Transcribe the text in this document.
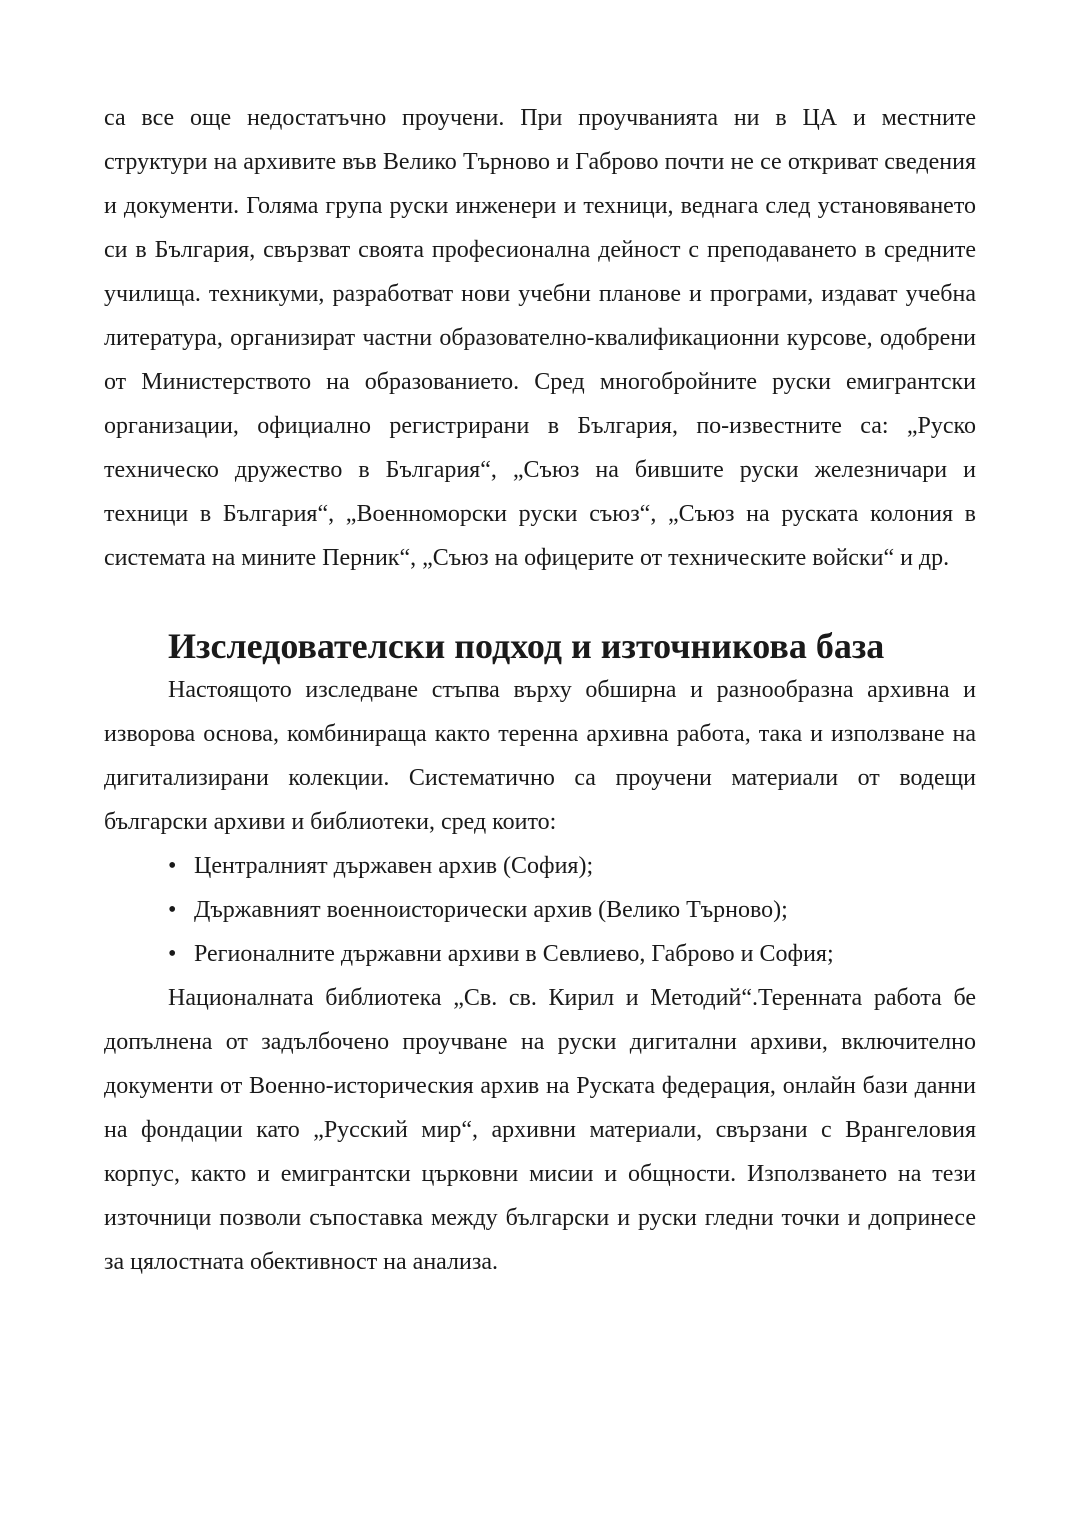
са все още недостатъчно проучени. При проучванията ни в ЦА и местните структури на архивите във Велико Търново и Габрово почти не се откриват сведения и документи. Голяма група руски инженери и техници, веднага след установяването си в България, свързват своята професионална дейност с преподаването в средните училища. техникуми, разработват нови учебни планове и програми, издават учебна литература, организират частни образователно-квалификационни курсове, одобрени от Министерството на образованието. Сред многобройните руски емигрантски организации, официално регистрирани в България, по-известните са: „Руско техническо дружество в България“, „Съюз на бившите руски железничари и техници в България“, „Военноморски руски съюз“, „Съюз на руската колония в системата на мините Перник“, „Съюз на офицерите от техническите войски“ и др.

Изследователски подход и източникова база

Настоящото изследване стъпва върху обширна и разнообразна архивна и изворова основа, комбинираща както теренна архивна работа, така и използване на дигитализирани колекции. Систематично са проучени материали от водещи български архиви и библиотеки, сред които:

• Централният държавен архив (София);
• Държавният военноисторически архив (Велико Търново);
• Регионалните държавни архиви в Севлиево, Габрово и София;

Националната библиотека „Св. св. Кирил и Методий“.Теренната работа бе допълнена от задълбочено проучване на руски дигитални архиви, включително документи от Военно-историческия архив на Руската федерация, онлайн бази данни на фондации като „Русский мир“, архивни материали, свързани с Врангеловия корпус, както и емигрантски църковни мисии и общности. Използването на тези източници позволи съпоставка между български и руски гледни точки и допринесе за цялостната обективност на анализа.
